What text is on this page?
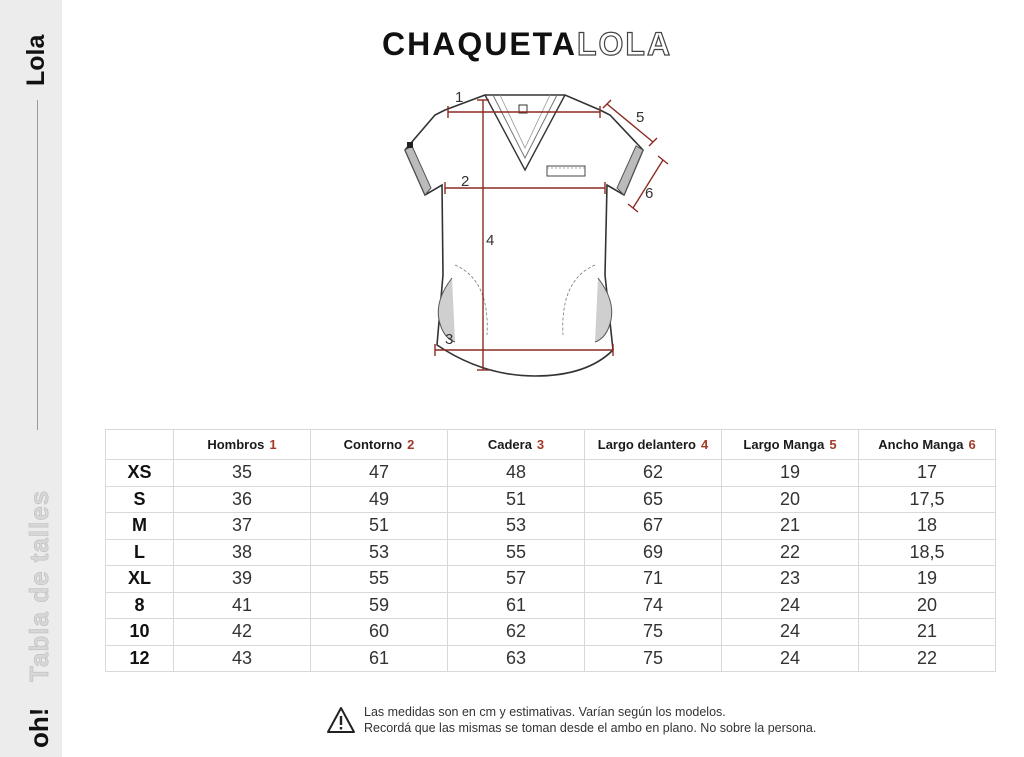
Lola
Tabla de talles
oh!
CHAQUETALOLA
1
2
4
3
5
6
	Hombros 1	Contorno 2	Cadera 3	Largo delantero 4	Largo Manga 5	Ancho Manga 6
XS	35	47	48	62	19	17
S	36	49	51	65	20	17,5
M	37	51	53	67	21	18
L	38	53	55	69	22	18,5
XL	39	55	57	71	23	19
8	41	59	61	74	24	20
10	42	60	62	75	24	21
12	43	61	63	75	24	22
Las medidas son en cm y estimativas. Varían según los modelos.
Recordá que las mismas se toman desde el ambo en plano. No sobre la persona.
